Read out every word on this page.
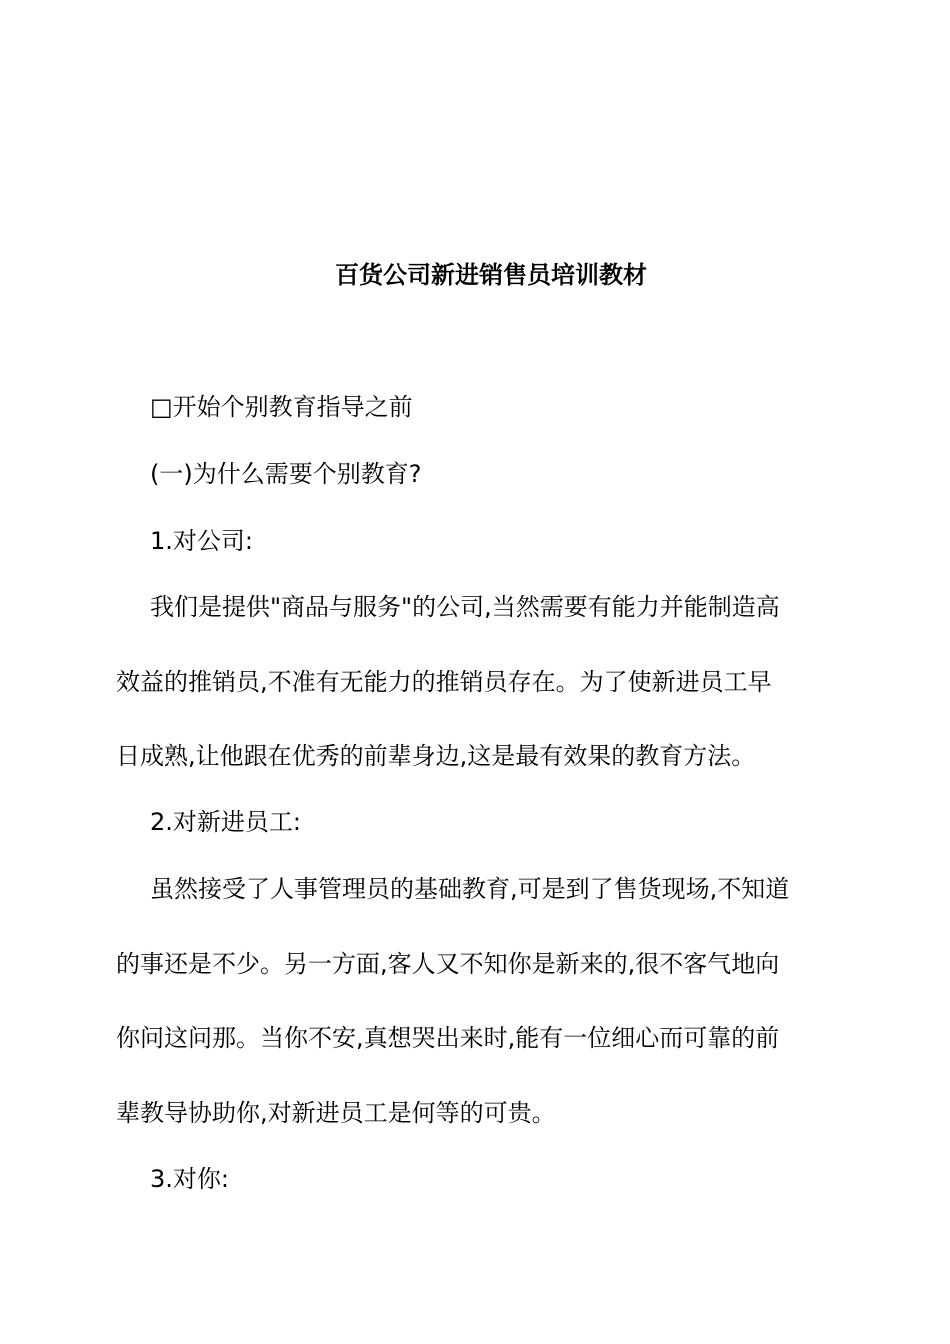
百货公司新进销售员培训教材
□开始个别教育指导之前
(一)为什么需要个别教育?
1.对公司:
我们是提供"商品与服务"的公司,当然需要有能力并能制造高
效益的推销员,不准有无能力的推销员存在。为了使新进员工早
日成熟,让他跟在优秀的前辈身边,这是最有效果的教育方法。
2.对新进员工:
虽然接受了人事管理员的基础教育,可是到了售货现场,不知道
的事还是不少。另一方面,客人又不知你是新来的,很不客气地向
你问这问那。当你不安,真想哭出来时,能有一位细心而可靠的前
辈教导协助你,对新进员工是何等的可贵。
3.对你:
